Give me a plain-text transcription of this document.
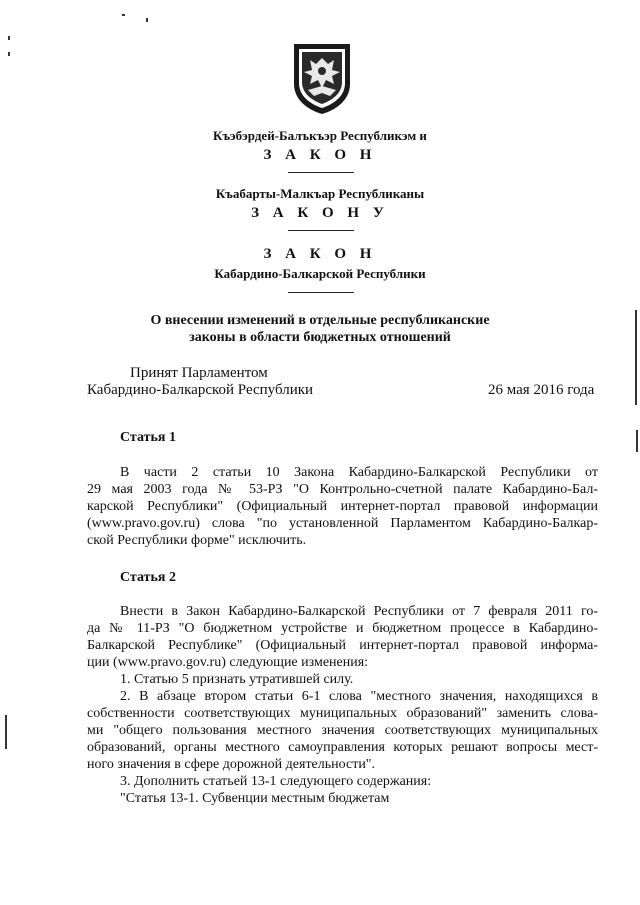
Къэбэрдей-Балъкъэр Республикэм и
З А К О Н
Къабарты-Малкъар Республиканы
З А К О Н У
З А К О Н
Кабардино-Балкарской Республики
О внесении изменений в отдельные республиканские
законы в области бюджетных отношений
Принят Парламентом
Кабардино-Балкарской Республики	26 мая 2016 года
Статья 1
В части 2 статьи 10 Закона Кабардино-Балкарской Республики от
29 мая 2003 года № 53-РЗ "О Контрольно-счетной палате Кабардино-Бал-
карской Республики" (Официальный интернет-портал правовой информации
(www.pravo.gov.ru) слова "по установленной Парламентом Кабардино-Балкар-
ской Республики форме" исключить.
Статья 2
Внести в Закон Кабардино-Балкарской Республики от 7 февраля 2011 го-
да № 11-РЗ "О бюджетном устройстве и бюджетном процессе в Кабардино-
Балкарской Республике" (Официальный интернет-портал правовой информа-
ции (www.pravo.gov.ru) следующие изменения:
1. Статью 5 признать утратившей силу.
2. В абзаце втором статьи 6-1 слова "местного значения, находящихся в
собственности соответствующих муниципальных образований" заменить слова-
ми "общего пользования местного значения соответствующих муниципальных
образований, органы местного самоуправления которых решают вопросы мест-
ного значения в сфере дорожной деятельности".
3. Дополнить статьей 13-1 следующего содержания:
"Статья 13-1. Субвенции местным бюджетам
